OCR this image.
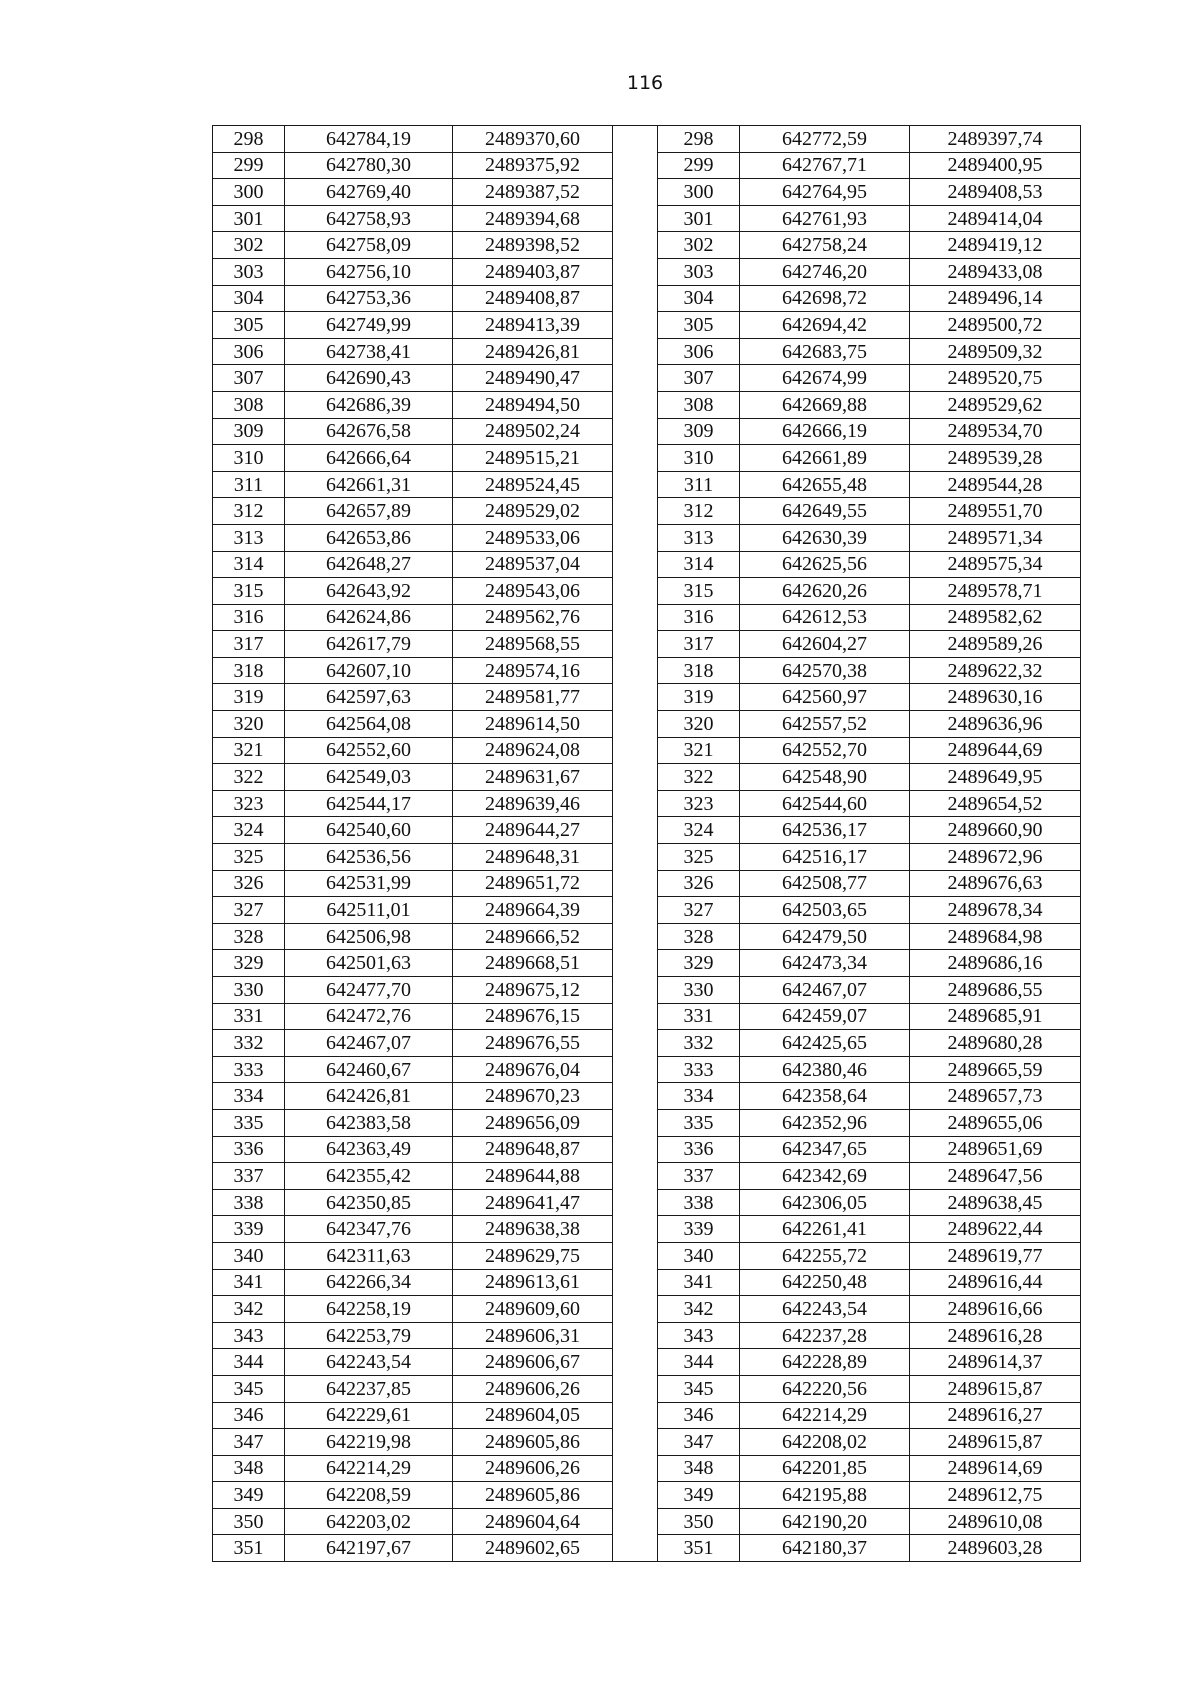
116
298	642784,19	2489370,60		298	642772,59	2489397,74
299	642780,30	2489375,92		299	642767,71	2489400,95
300	642769,40	2489387,52		300	642764,95	2489408,53
301	642758,93	2489394,68		301	642761,93	2489414,04
302	642758,09	2489398,52		302	642758,24	2489419,12
303	642756,10	2489403,87		303	642746,20	2489433,08
304	642753,36	2489408,87		304	642698,72	2489496,14
305	642749,99	2489413,39		305	642694,42	2489500,72
306	642738,41	2489426,81		306	642683,75	2489509,32
307	642690,43	2489490,47		307	642674,99	2489520,75
308	642686,39	2489494,50		308	642669,88	2489529,62
309	642676,58	2489502,24		309	642666,19	2489534,70
310	642666,64	2489515,21		310	642661,89	2489539,28
311	642661,31	2489524,45		311	642655,48	2489544,28
312	642657,89	2489529,02		312	642649,55	2489551,70
313	642653,86	2489533,06		313	642630,39	2489571,34
314	642648,27	2489537,04		314	642625,56	2489575,34
315	642643,92	2489543,06		315	642620,26	2489578,71
316	642624,86	2489562,76		316	642612,53	2489582,62
317	642617,79	2489568,55		317	642604,27	2489589,26
318	642607,10	2489574,16		318	642570,38	2489622,32
319	642597,63	2489581,77		319	642560,97	2489630,16
320	642564,08	2489614,50		320	642557,52	2489636,96
321	642552,60	2489624,08		321	642552,70	2489644,69
322	642549,03	2489631,67		322	642548,90	2489649,95
323	642544,17	2489639,46		323	642544,60	2489654,52
324	642540,60	2489644,27		324	642536,17	2489660,90
325	642536,56	2489648,31		325	642516,17	2489672,96
326	642531,99	2489651,72		326	642508,77	2489676,63
327	642511,01	2489664,39		327	642503,65	2489678,34
328	642506,98	2489666,52		328	642479,50	2489684,98
329	642501,63	2489668,51		329	642473,34	2489686,16
330	642477,70	2489675,12		330	642467,07	2489686,55
331	642472,76	2489676,15		331	642459,07	2489685,91
332	642467,07	2489676,55		332	642425,65	2489680,28
333	642460,67	2489676,04		333	642380,46	2489665,59
334	642426,81	2489670,23		334	642358,64	2489657,73
335	642383,58	2489656,09		335	642352,96	2489655,06
336	642363,49	2489648,87		336	642347,65	2489651,69
337	642355,42	2489644,88		337	642342,69	2489647,56
338	642350,85	2489641,47		338	642306,05	2489638,45
339	642347,76	2489638,38		339	642261,41	2489622,44
340	642311,63	2489629,75		340	642255,72	2489619,77
341	642266,34	2489613,61		341	642250,48	2489616,44
342	642258,19	2489609,60		342	642243,54	2489616,66
343	642253,79	2489606,31		343	642237,28	2489616,28
344	642243,54	2489606,67		344	642228,89	2489614,37
345	642237,85	2489606,26		345	642220,56	2489615,87
346	642229,61	2489604,05		346	642214,29	2489616,27
347	642219,98	2489605,86		347	642208,02	2489615,87
348	642214,29	2489606,26		348	642201,85	2489614,69
349	642208,59	2489605,86		349	642195,88	2489612,75
350	642203,02	2489604,64		350	642190,20	2489610,08
351	642197,67	2489602,65		351	642180,37	2489603,28
